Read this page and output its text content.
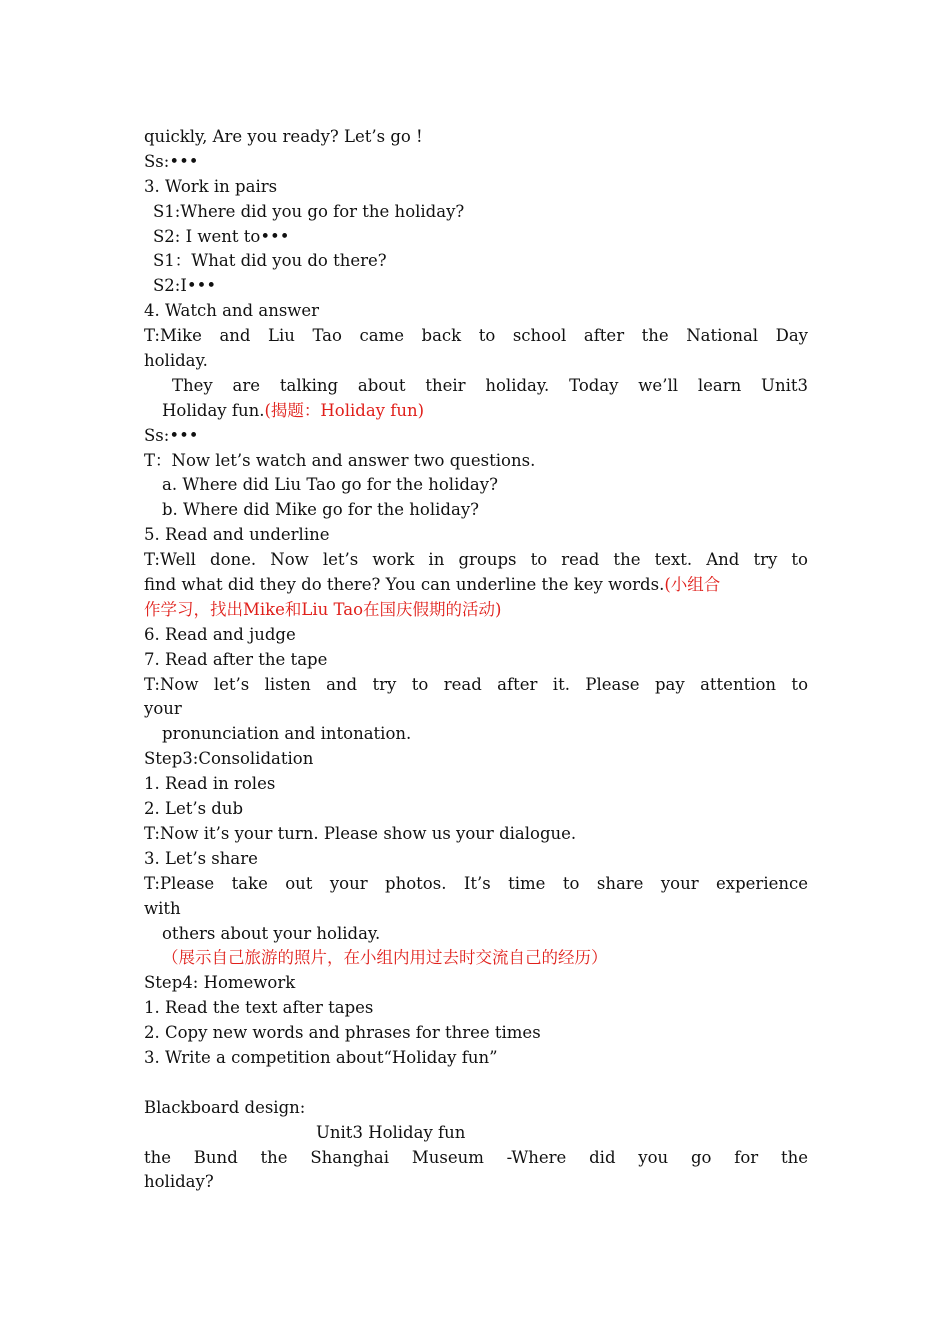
quickly, Are you ready? Let’s go !
Ss:•••
3. Work in pairs
S1:Where did you go for the holiday?
S2: I went to•••
S1：What did you do there?
S2:I•••
4. Watch and answer
T:Mike and Liu Tao came back to school after the National Day
holiday.
They are talking about their holiday. Today we’ll learn Unit3
Holiday fun.(揭题：Holiday fun)
Ss:•••
T：Now let’s watch and answer two questions.
a. Where did Liu Tao go for the holiday?
b. Where did Mike go for the holiday?
5. Read and underline
T:Well done. Now let’s work in groups to read the text. And try to
find what did they do there? You can underline the key words.(小组合
作学习，找出Mike和Liu Tao在国庆假期的活动)
6. Read and judge
7. Read after the tape
T:Now let’s listen and try to read after it. Please pay attention to
your
pronunciation and intonation.
Step3:Consolidation
1. Read in roles
2. Let’s dub
T:Now it’s your turn. Please show us your dialogue.
3. Let’s share
T:Please take out your photos. It’s time to share your experience
with
others about your holiday.
（展示自己旅游的照片，在小组内用过去时交流自己的经历）
Step4: Homework
1. Read the text after tapes
2. Copy new words and phrases for three times
3. Write a competition about“Holiday fun”
Blackboard design:
Unit3 Holiday fun
the Bund the Shanghai Museum -Where did you go for the
holiday?
